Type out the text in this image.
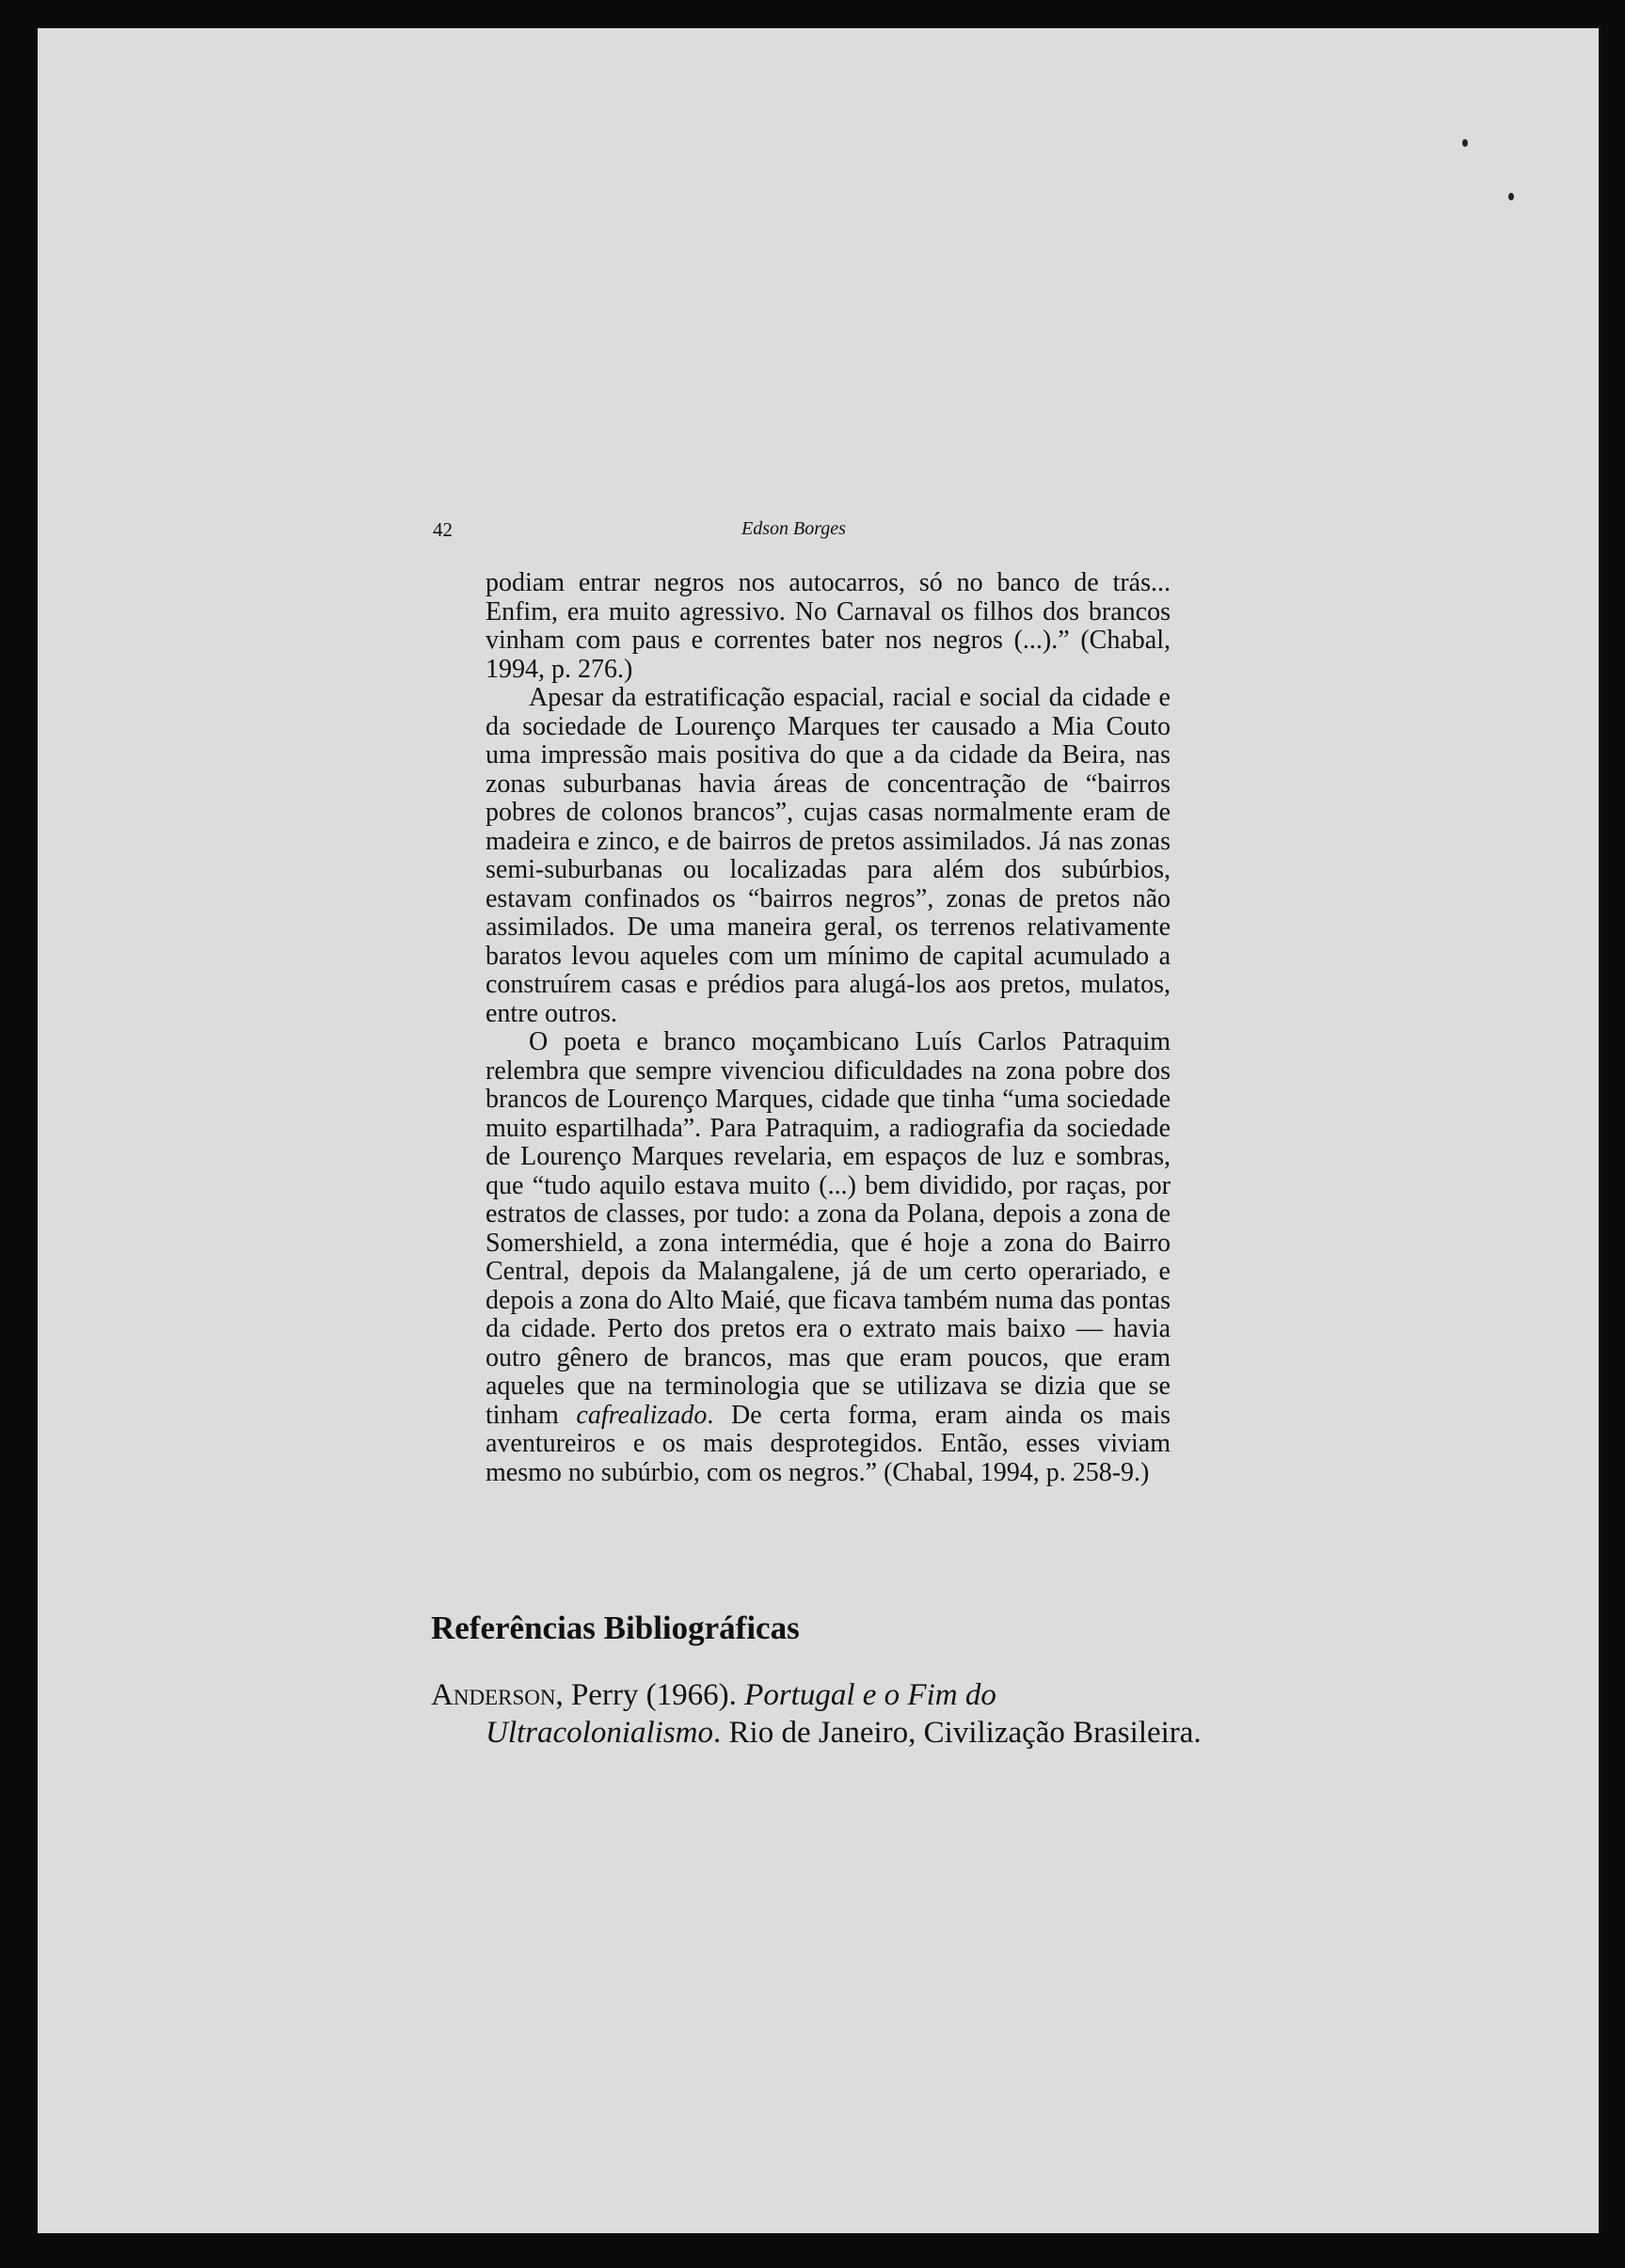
42	Edson Borges

podiam entrar negros nos autocarros, só no banco de trás... Enfim, era muito agressivo. No Carnaval os filhos dos brancos vinham com paus e correntes bater nos negros (...).” (Chabal, 1994, p. 276.)

Apesar da estratificação espacial, racial e social da cidade e da sociedade de Lourenço Marques ter causado a Mia Couto uma impressão mais positiva do que a da cidade da Beira, nas zonas suburbanas havia áreas de concentração de “bairros pobres de colonos brancos”, cujas casas normalmente eram de madeira e zinco, e de bairros de pretos assimilados. Já nas zonas semi-suburbanas ou localizadas para além dos subúrbios, estavam confinados os “bairros negros”, zonas de pretos não assimilados. De uma maneira geral, os terrenos relativamente baratos levou aqueles com um mínimo de capital acumulado a construírem casas e prédios para alugá-los aos pretos, mulatos, entre outros.

O poeta e branco moçambicano Luís Carlos Patraquim relembra que sempre vivenciou dificuldades na zona pobre dos brancos de Lourenço Marques, cidade que tinha “uma sociedade muito espartilhada”. Para Patraquim, a radiografia da sociedade de Lourenço Marques revelaria, em espaços de luz e sombras, que “tudo aquilo estava muito (...) bem dividido, por raças, por estratos de classes, por tudo: a zona da Polana, depois a zona de Somershield, a zona intermédia, que é hoje a zona do Bairro Central, depois da Malangalene, já de um certo operariado, e depois a zona do Alto Maié, que ficava também numa das pontas da cidade. Perto dos pretos era o extrato mais baixo — havia outro gênero de brancos, mas que eram poucos, que eram aqueles que na terminologia que se utilizava se dizia que se tinham cafrealizado. De certa forma, eram ainda os mais aventureiros e os mais desprotegidos. Então, esses viviam mesmo no subúrbio, com os negros.” (Chabal, 1994, p. 258-9.)

Referências Bibliográficas
Anderson, Perry (1966). Portugal e o Fim do Ultracolonialismo. Rio de Janeiro, Civilização Brasileira.
